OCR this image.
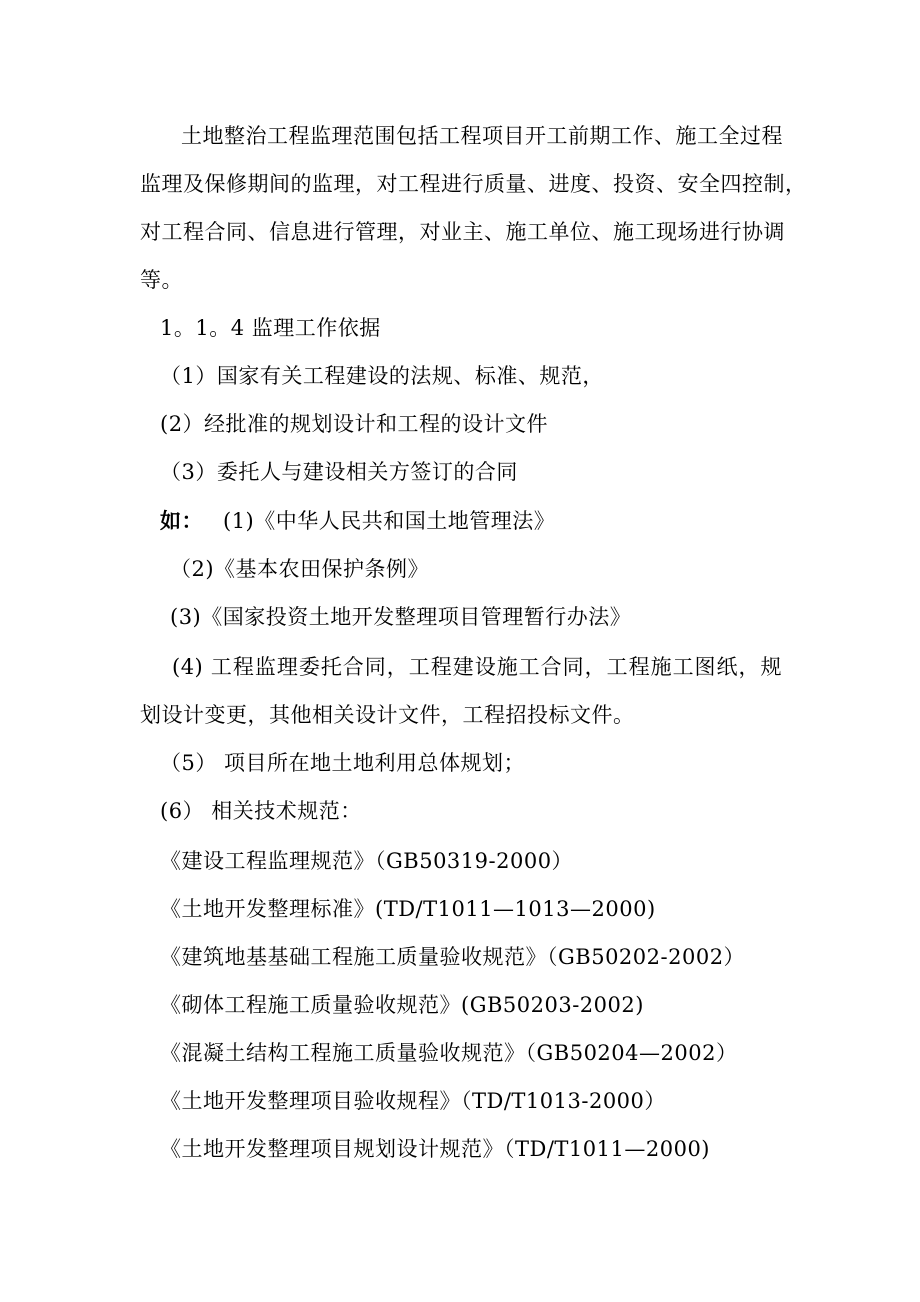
土地整治工程监理范围包括工程项目开工前期工作、施工全过程
监理及保修期间的监理，对工程进行质量、进度、投资、安全四控制，
对工程合同、信息进行管理，对业主、施工单位、施工现场进行协调
等。
1。1。4 监理工作依据
（1）国家有关工程建设的法规、标准、规范，
(2）经批准的规划设计和工程的设计文件
（3）委托人与建设相关方签订的合同
如： (1)《中华人民共和国土地管理法》
（2)《基本农田保护条例》
(3)《国家投资土地开发整理项目管理暂行办法》
(4) 工程监理委托合同，工程建设施工合同，工程施工图纸，规
划设计变更，其他相关设计文件，工程招投标文件。
（5） 项目所在地土地利用总体规划；
(6） 相关技术规范：
《建设工程监理规范》（GB50319-2000）
《土地开发整理标准》(TD/T1011—1013—2000)
《建筑地基基础工程施工质量验收规范》（GB50202-2002）
《砌体工程施工质量验收规范》(GB50203-2002)
《混凝土结构工程施工质量验收规范》（GB50204—2002）
《土地开发整理项目验收规程》（TD/T1013-2000）
《土地开发整理项目规划设计规范》（TD/T1011—2000)
